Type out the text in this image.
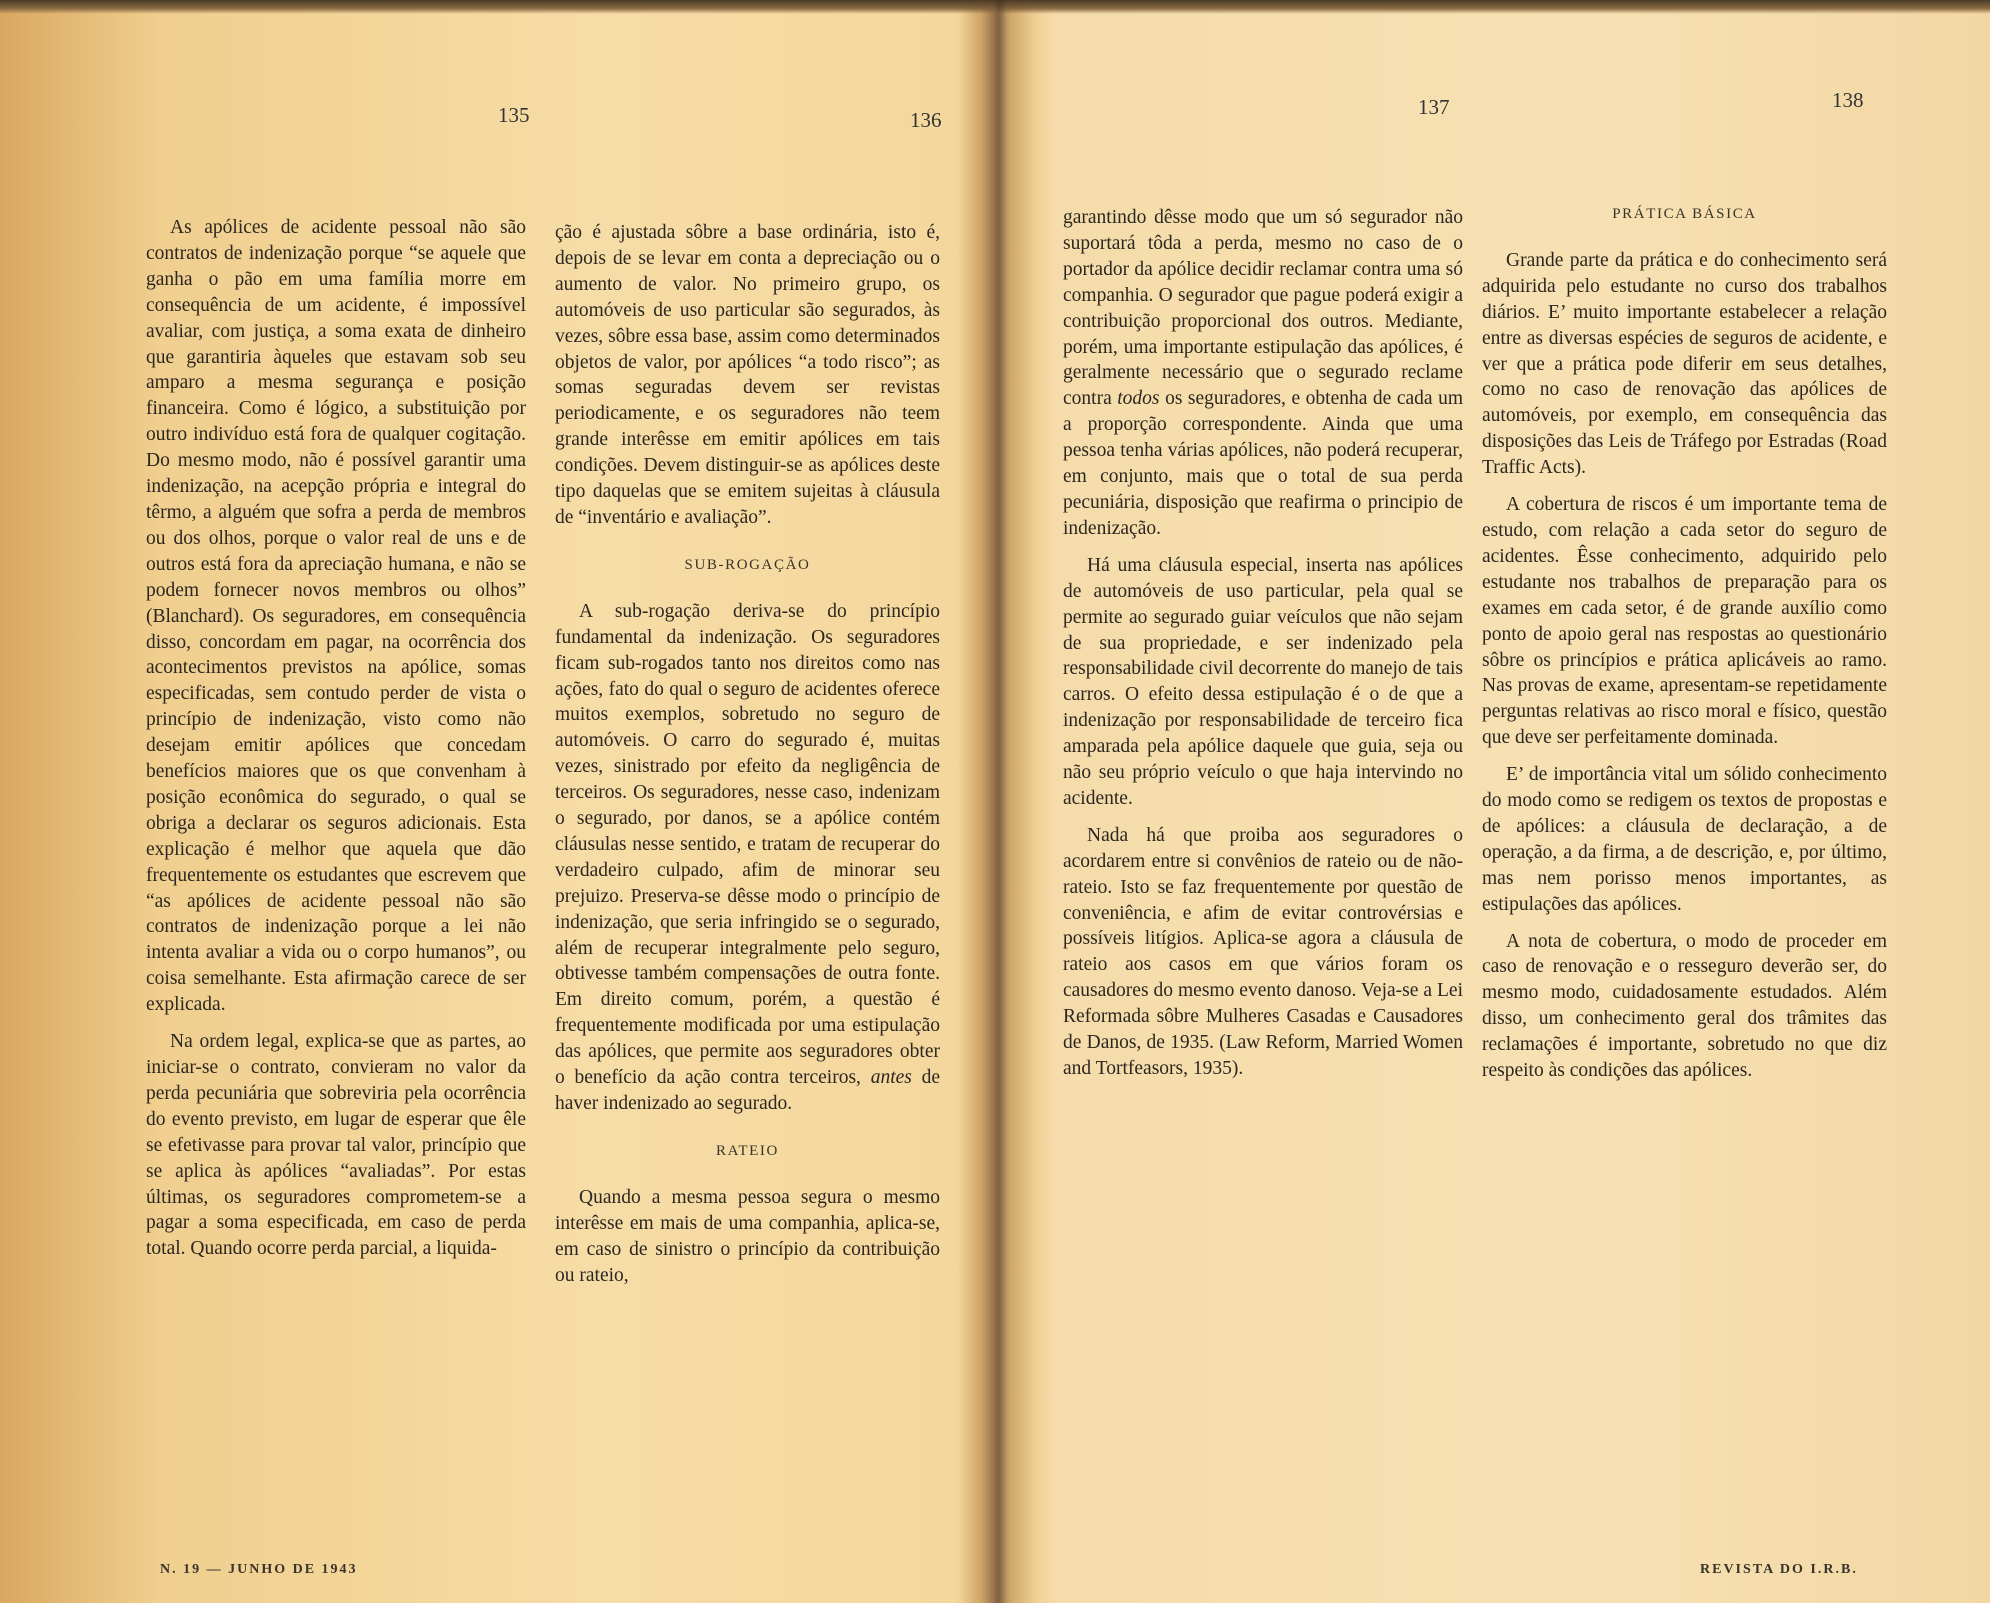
135	136
137	138

As apólices de acidente pessoal não são contratos de indenização porque “se aquele que ganha o pão em uma família morre em consequência de um acidente, é impossível avaliar, com justiça, a soma exata de dinheiro que garantiria àqueles que estavam sob seu amparo a mesma segurança e posição financeira. Como é lógico, a substituição por outro indivíduo está fora de qualquer cogitação. Do mesmo modo, não é possível garantir uma indenização, na acepção própria e integral do têrmo, a alguém que sofra a perda de membros ou dos olhos, porque o valor real de uns e de outros está fora da apreciação humana, e não se podem fornecer novos membros ou olhos” (Blanchard). Os seguradores, em consequência disso, concordam em pagar, na ocorrência dos acontecimentos previstos na apólice, somas especificadas, sem contudo perder de vista o princípio de indenização, visto como não desejam emitir apólices que concedam benefícios maiores que os que convenham à posição econômica do segurado, o qual se obriga a declarar os seguros adicionais. Esta explicação é melhor que aquela que dão frequentemente os estudantes que escrevem que “as apólices de acidente pessoal não são contratos de indenização porque a lei não intenta avaliar a vida ou o corpo humanos”, ou coisa semelhante. Esta afirmação carece de ser explicada.

Na ordem legal, explica-se que as partes, ao iniciar-se o contrato, convieram no valor da perda pecuniária que sobreviria pela ocorrência do evento previsto, em lugar de esperar que êle se efetivasse para provar tal valor, princípio que se aplica às apólices “avaliadas”. Por estas últimas, os seguradores comprometem-se a pagar a soma especificada, em caso de perda total. Quando ocorre perda parcial, a liquida-

ção é ajustada sôbre a base ordinária, isto é, depois de se levar em conta a depreciação ou o aumento de valor. No primeiro grupo, os automóveis de uso particular são segurados, às vezes, sôbre essa base, assim como determinados objetos de valor, por apólices “a todo risco”; as somas seguradas devem ser revistas periodicamente, e os seguradores não teem grande interêsse em emitir apólices em tais condições. Devem distinguir-se as apólices deste tipo daquelas que se emitem sujeitas à cláusula de “inventário e avaliação”.

SUB-ROGAÇÃO

A sub-rogação deriva-se do princípio fundamental da indenização. Os seguradores ficam sub-rogados tanto nos direitos como nas ações, fato do qual o seguro de acidentes oferece muitos exemplos, sobretudo no seguro de automóveis. O carro do segurado é, muitas vezes, sinistrado por efeito da negligência de terceiros. Os seguradores, nesse caso, indenizam o segurado, por danos, se a apólice contém cláusulas nesse sentido, e tratam de recuperar do verdadeiro culpado, afim de minorar seu prejuizo. Preserva-se dêsse modo o princípio de indenização, que seria infringido se o segurado, além de recuperar integralmente pelo seguro, obtivesse também compensações de outra fonte. Em direito comum, porém, a questão é frequentemente modificada por uma estipulação das apólices, que permite aos seguradores obter o benefício da ação contra terceiros, antes de haver indenizado ao segurado.

RATEIO

Quando a mesma pessoa segura o mesmo interêsse em mais de uma companhia, aplica-se, em caso de sinistro o princípio da contribuição ou rateio,

garantindo dêsse modo que um só segurador não suportará tôda a perda, mesmo no caso de o portador da apólice decidir reclamar contra uma só companhia. O segurador que pague poderá exigir a contribuição proporcional dos outros. Mediante, porém, uma importante estipulação das apólices, é geralmente necessário que o segurado reclame contra todos os seguradores, e obtenha de cada um a proporção correspondente. Ainda que uma pessoa tenha várias apólices, não poderá recuperar, em conjunto, mais que o total de sua perda pecuniária, disposição que reafirma o principio de indenização.

Há uma cláusula especial, inserta nas apólices de automóveis de uso particular, pela qual se permite ao segurado guiar veículos que não sejam de sua propriedade, e ser indenizado pela responsabilidade civil decorrente do manejo de tais carros. O efeito dessa estipulação é o de que a indenização por responsabilidade de terceiro fica amparada pela apólice daquele que guia, seja ou não seu próprio veículo o que haja intervindo no acidente.

Nada há que proiba aos seguradores o acordarem entre si convênios de rateio ou de não-rateio. Isto se faz frequentemente por questão de conveniência, e afim de evitar controvérsias e possíveis litígios. Aplica-se agora a cláusula de rateio aos casos em que vários foram os causadores do mesmo evento danoso. Veja-se a Lei Reformada sôbre Mulheres Casadas e Causadores de Danos, de 1935. (Law Reform, Married Women and Tortfeasors, 1935).

PRÁTICA BÁSICA

Grande parte da prática e do conhecimento será adquirida pelo estudante no curso dos trabalhos diários. E’ muito importante estabelecer a relação entre as diversas espécies de seguros de acidente, e ver que a prática pode diferir em seus detalhes, como no caso de renovação das apólices de automóveis, por exemplo, em consequência das disposições das Leis de Tráfego por Estradas (Road Traffic Acts).

A cobertura de riscos é um importante tema de estudo, com relação a cada setor do seguro de acidentes. Êsse conhecimento, adquirido pelo estudante nos trabalhos de preparação para os exames em cada setor, é de grande auxílio como ponto de apoio geral nas respostas ao questionário sôbre os princípios e prática aplicáveis ao ramo. Nas provas de exame, apresentam-se repetidamente perguntas relativas ao risco moral e físico, questão que deve ser perfeitamente dominada.

E’ de importância vital um sólido conhecimento do modo como se redigem os textos de propostas e de apólices: a cláusula de declaração, a de operação, a da firma, a de descrição, e, por último, mas nem porisso menos importantes, as estipulações das apólices.

A nota de cobertura, o modo de proceder em caso de renovação e o resseguro deverão ser, do mesmo modo, cuidadosamente estudados. Além disso, um conhecimento geral dos trâmites das reclamações é importante, sobretudo no que diz respeito às condições das apólices.

N. 19 — JUNHO DE 1943	REVISTA DO I.R.B.
